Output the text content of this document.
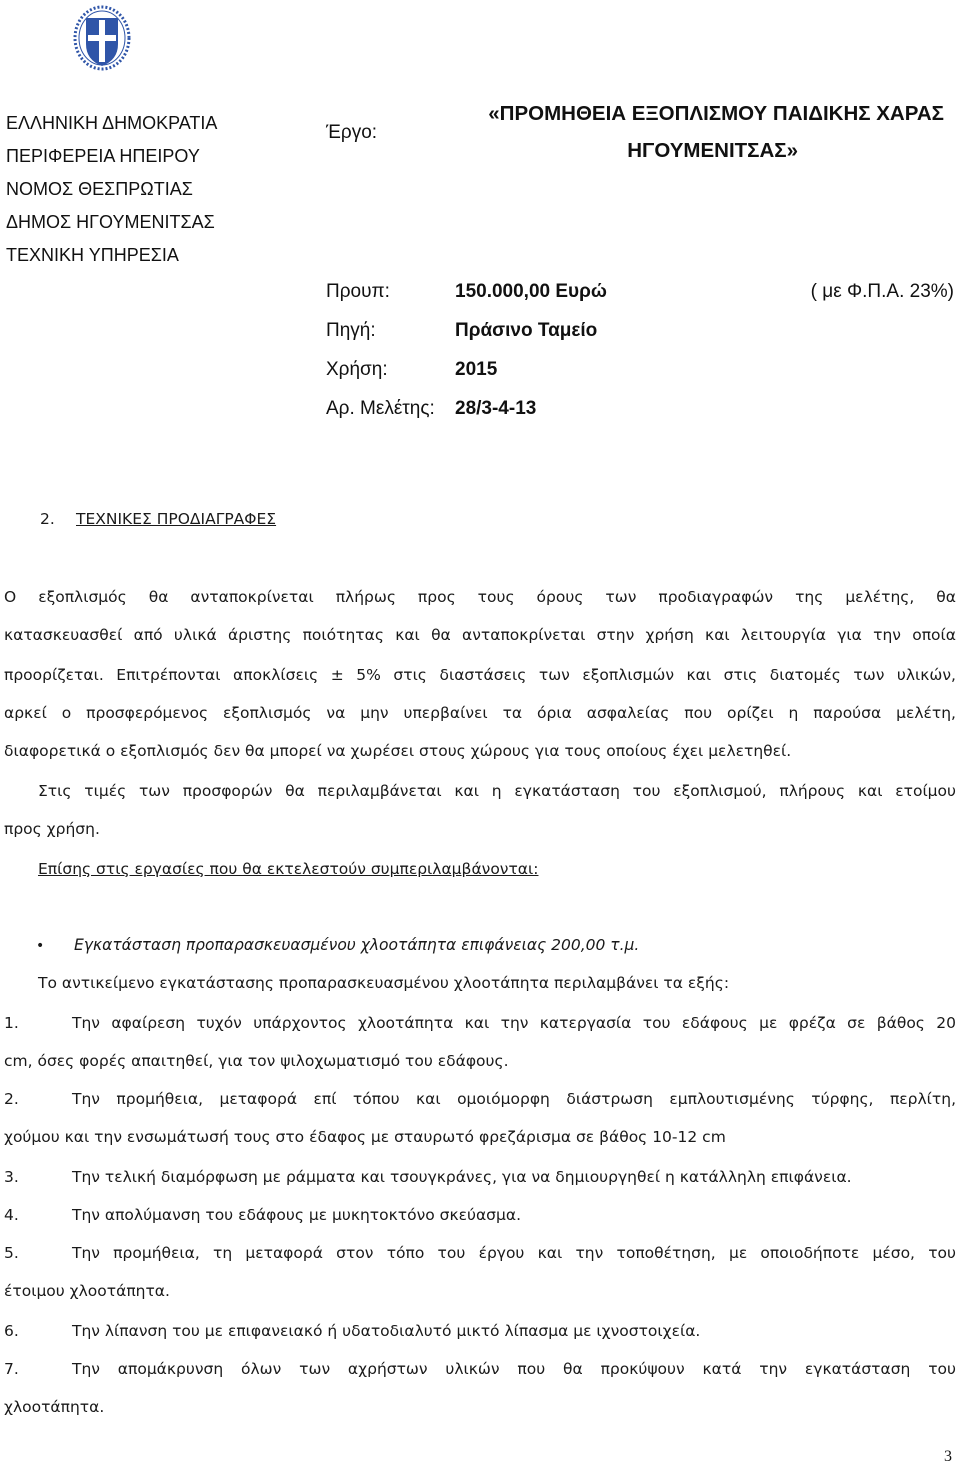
ΕΛΛΗΝΙΚΗ ΔΗΜΟΚΡΑΤΙΑ
ΠΕΡΙΦΕΡΕΙΑ ΗΠΕΙΡΟΥ
ΝΟΜΟΣ ΘΕΣΠΡΩΤΙΑΣ
ΔΗΜΟΣ ΗΓΟΥΜΕΝΙΤΣΑΣ
ΤΕΧΝΙΚΗ ΥΠΗΡΕΣΙΑ
Έργο:
«ΠΡΟΜΗΘΕΙΑ ΕΞΟΠΛΙΣΜΟΥ ΠΑΙΔΙΚΗΣ ΧΑΡΑΣ
ΗΓΟΥΜΕΝΙΤΣΑΣ»
Προυπ:	150.000,00 Ευρώ	( με Φ.Π.Α. 23%)
Πηγή:	Πράσινο Ταμείο
Χρήση:	2015
Αρ. Μελέτης: 28/3-4-13
2. ΤΕΧΝΙΚΕΣ ΠΡΟΔΙΑΓΡΑΦΕΣ
Ο εξοπλισμός θα ανταποκρίνεται πλήρως προς τους όρους των προδιαγραφών της μελέτης, θα
κατασκευασθεί από υλικά άριστης ποιότητας και θα ανταποκρίνεται στην χρήση και λειτουργία για την οποία
προορίζεται. Επιτρέπονται αποκλίσεις ± 5% στις διαστάσεις των εξοπλισμών και στις διατομές των υλικών,
αρκεί ο προσφερόμενος εξοπλισμός να μην υπερβαίνει τα όρια ασφαλείας που ορίζει η παρούσα μελέτη,
διαφορετικά ο εξοπλισμός δεν θα μπορεί να χωρέσει στους χώρους για τους οποίους έχει μελετηθεί.
Στις τιμές των προσφορών θα περιλαμβάνεται και η εγκατάσταση του εξοπλισμού, πλήρους και ετοίμου
προς χρήση.
Επίσης στις εργασίες που θα εκτελεστούν συμπεριλαμβάνονται:
• Εγκατάσταση προπαρασκευασμένου χλοοτάπητα επιφάνειας 200,00 τ.μ.
Το αντικείμενο εγκατάστασης προπαρασκευασμένου χλοοτάπητα περιλαμβάνει τα εξής:
1.	Την αφαίρεση τυχόν υπάρχοντος χλοοτάπητα και την κατεργασία του εδάφους με φρέζα σε βάθος 20
cm, όσες φορές απαιτηθεί, για τον ψιλοχωματισμό του εδάφους.
2.	Την προμήθεια, μεταφορά επί τόπου και ομοιόμορφη διάστρωση εμπλουτισμένης τύρφης, περλίτη,
χούμου και την ενσωμάτωσή τους στο έδαφος με σταυρωτό φρεζάρισμα σε βάθος 10-12 cm
3.	Την τελική διαμόρφωση με ράμματα και τσουγκράνες, για να δημιουργηθεί η κατάλληλη επιφάνεια.
4.	Την απολύμανση του εδάφους με μυκητοκτόνο σκεύασμα.
5.	Την προμήθεια, τη μεταφορά στον τόπο του έργου και την τοποθέτηση, με οποιοδήποτε μέσο, του
έτοιμου χλοοτάπητα.
6.	Την λίπανση του με επιφανειακό ή υδατοδιαλυτό μικτό λίπασμα με ιχνοστοιχεία.
7.	Την απομάκρυνση όλων των αχρήστων υλικών που θα προκύψουν κατά την εγκατάσταση του
χλοοτάπητα.
3
